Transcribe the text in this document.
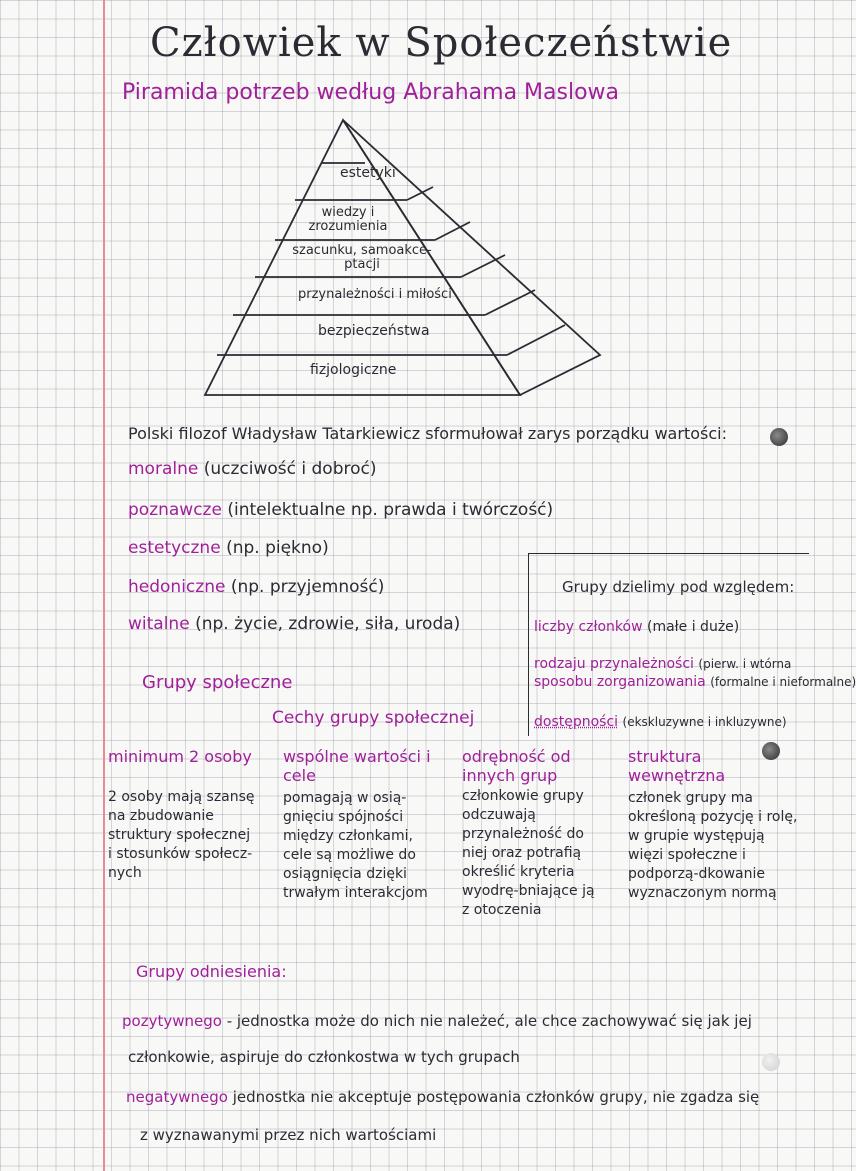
Człowiek w Społeczeństwie
Piramida potrzeb według Abrahama Maslowa
estetyki
wiedzy i zrozumienia
szacunku, samoakce-ptacji
przynależności i miłości
bezpieczeństwa
fizjologiczne
Polski filozof Władysław Tatarkiewicz sformułował zarys porządku wartości:
moralne (uczciwość i dobroć)
poznawcze (intelektualne np. prawda i twórczość)
estetyczne (np. piękno)
hedoniczne (np. przyjemność)
witalne (np. życie, zdrowie, siła, uroda)
Grupy dzielimy pod względem:
liczby członków (małe i duże)
rodzaju przynależności (pierw. i wtórna
sposobu zorganizowania (formalne i nieformalne)
dostępności (ekskluzywne i inkluzywne)
Grupy społeczne
Cechy grupy społecznej
minimum 2 osoby
2 osoby mają szansę na zbudowanie struktury społecznej i stosunków społecz-nych
wspólne wartości i cele
pomagają w osią-gnięciu spójności między członkami, cele są możliwe do osiągnięcia dzięki trwałym interakcjom
odrębność od innych grup
członkowie grupy odczuwają przynależność do niej oraz potrafią określić kryteria wyodrę-bniające ją z otoczenia
struktura wewnętrzna
członek grupy ma określoną pozycję i rolę, w grupie występują więzi społeczne i podporzą-dkowanie wyznaczonym normą
Grupy odniesienia:
pozytywnego - jednostka może do nich nie należeć, ale chce zachowywać się jak jej
członkowie, aspiruje do członkostwa w tych grupach
negatywnego jednostka nie akceptuje postępowania członków grupy, nie zgadza się
z wyznawanymi przez nich wartościami
